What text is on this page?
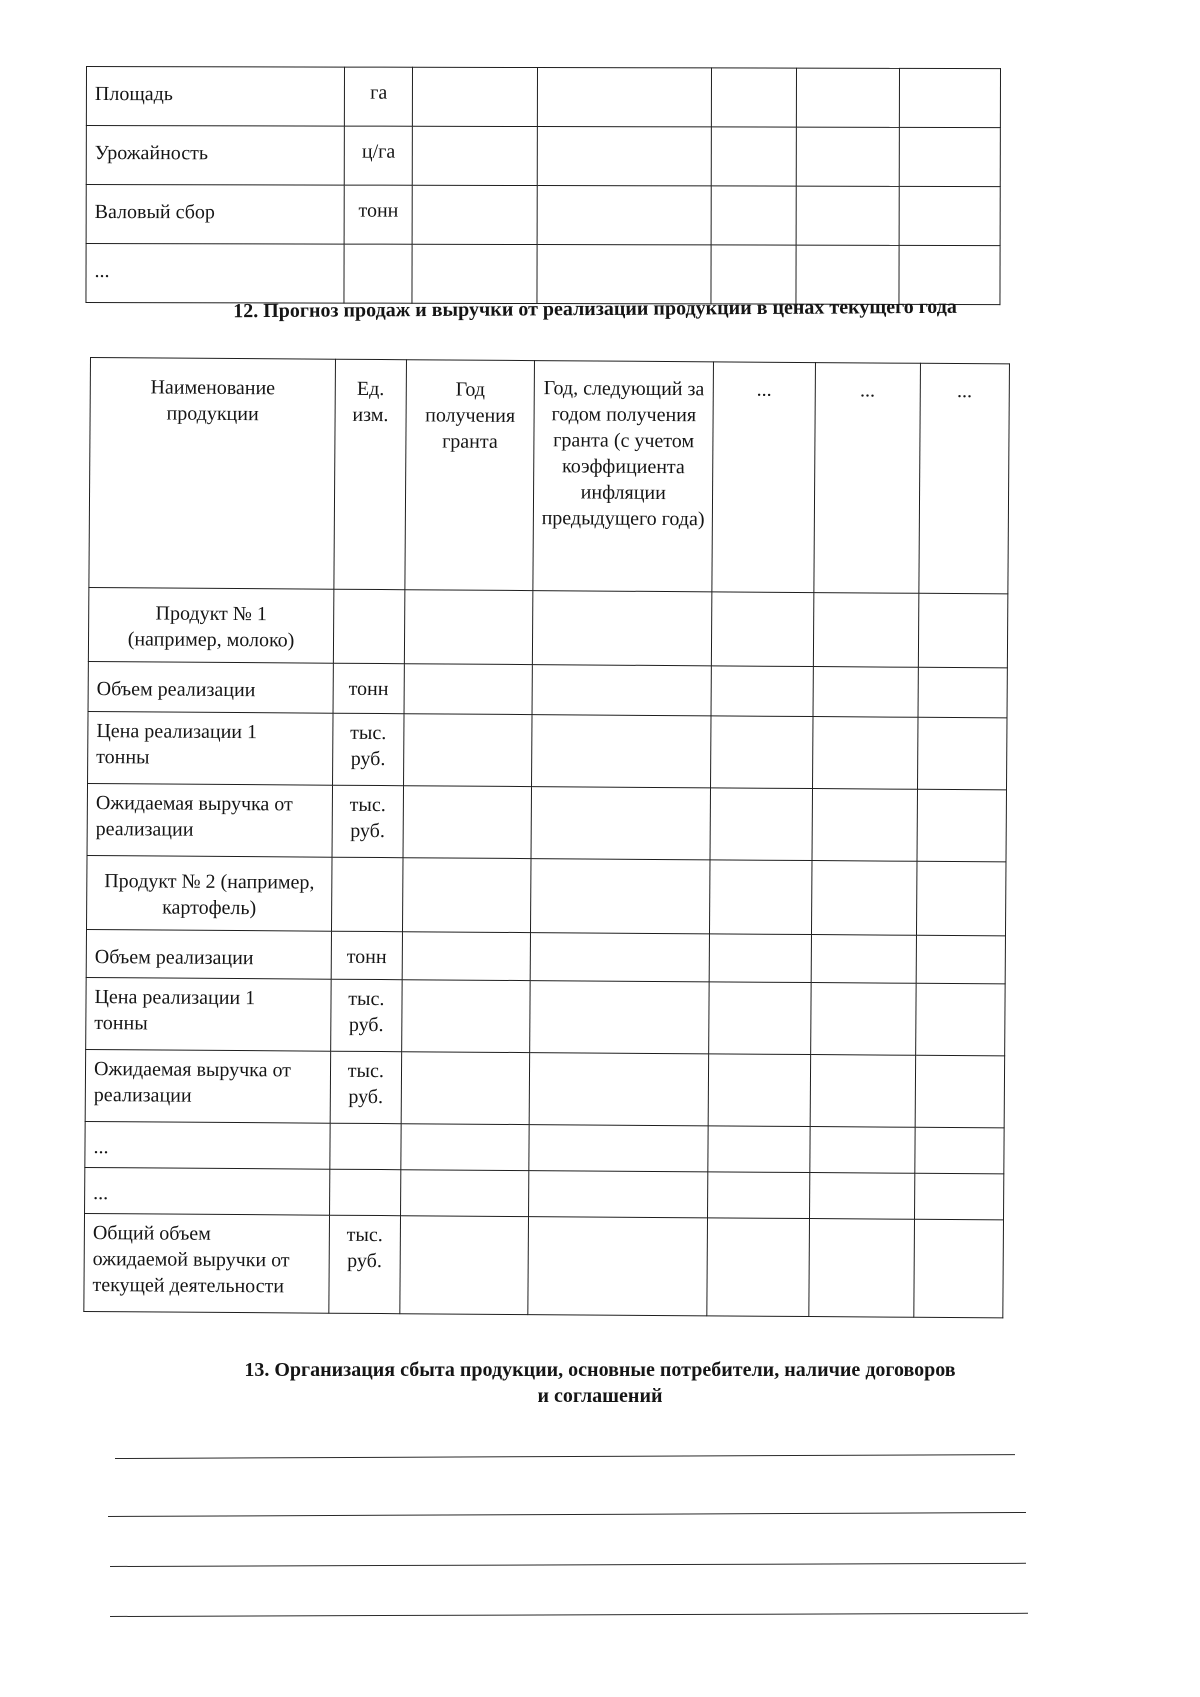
Площадь	га					
Урожайность	ц/га					
Валовый сбор	тонн					
...						
12. Прогноз продаж и выручки от реализации продукции в ценах текущего года
Наименование продукции	Ед. изм.	Год получения гранта	Год, следующий за годом получения гранта (с учетом коэффициента инфляции предыдущего года)	...	...	...
Продукт № 1 (например, молоко)						
Объем реализации	тонн					
Цена реализации 1 тонны	тыс. руб.					
Ожидаемая выручка от реализации	тыс. руб.					
Продукт № 2 (например, картофель)						
Объем реализации	тонн					
Цена реализации 1 тонны	тыс. руб.					
Ожидаемая выручка от реализации	тыс. руб.					
...						
...						
Общий объем ожидаемой выручки от текущей деятельности	тыс. руб.					
13. Организация сбыта продукции, основные потребители, наличие договоров
и соглашений
